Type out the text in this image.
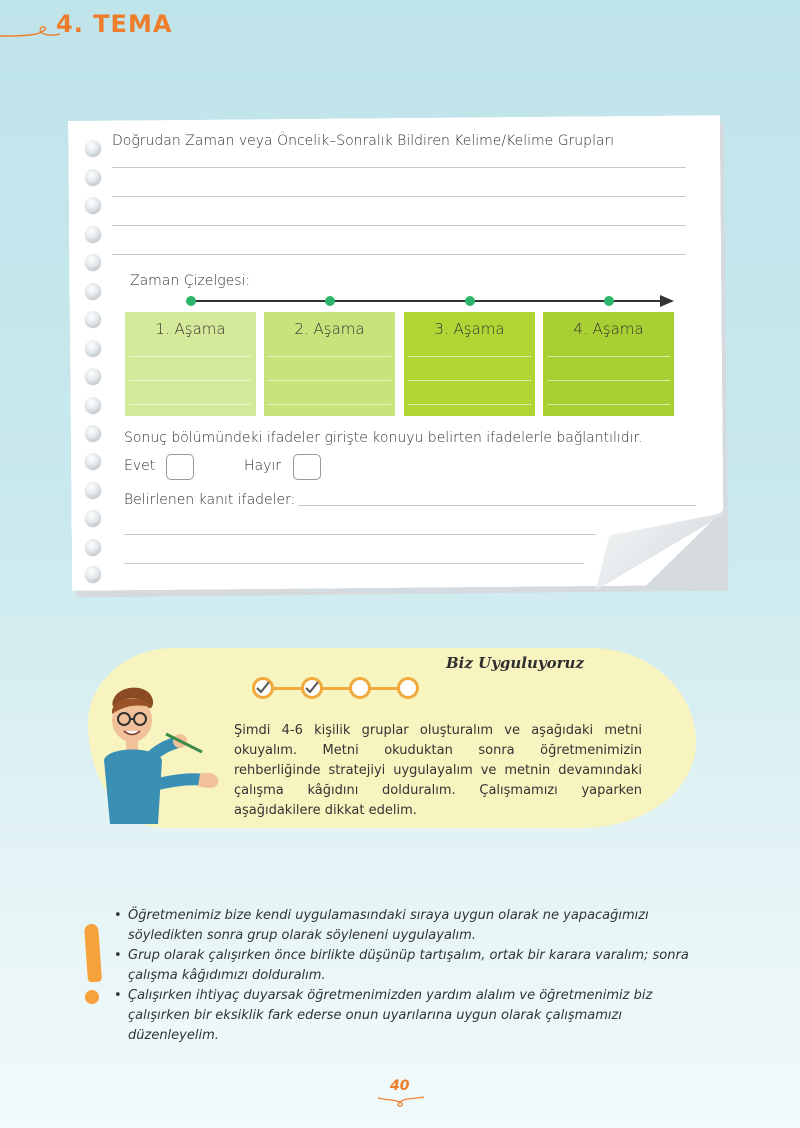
4. TEMA
Doğrudan Zaman veya Öncelik–Sonralık Bildiren Kelime/Kelime Grupları
Zaman Çizelgesi:
1. Aşama	2. Aşama	3. Aşama	4. Aşama
Sonuç bölümündeki ifadeler girişte konuyu belirten ifadelerle bağlantılıdır.
Evet	Hayır
Belirlenen kanıt ifadeler:
Biz Uyguluyoruz
Şimdi 4-6 kişilik gruplar oluşturalım ve aşağıdaki metni okuyalım. Metni okuduktan sonra öğretmenimizin rehberliğinde stratejiyi uygulayalım ve metnin devamındaki çalışma kâğıdını dolduralım. Çalışmamızı yaparken aşağıdakilere dikkat edelim.
• Öğretmenimiz bize kendi uygulamasındaki sıraya uygun olarak ne yapacağımızı söyledikten sonra grup olarak söyleneni uygulayalım.
• Grup olarak çalışırken önce birlikte düşünüp tartışalım, ortak bir karara varalım; sonra çalışma kâğıdımızı dolduralım.
• Çalışırken ihtiyaç duyarsak öğretmenimizden yardım alalım ve öğretmenimiz biz çalışırken bir eksiklik fark ederse onun uyarılarına uygun olarak çalışmamızı düzenleyelim.
40
